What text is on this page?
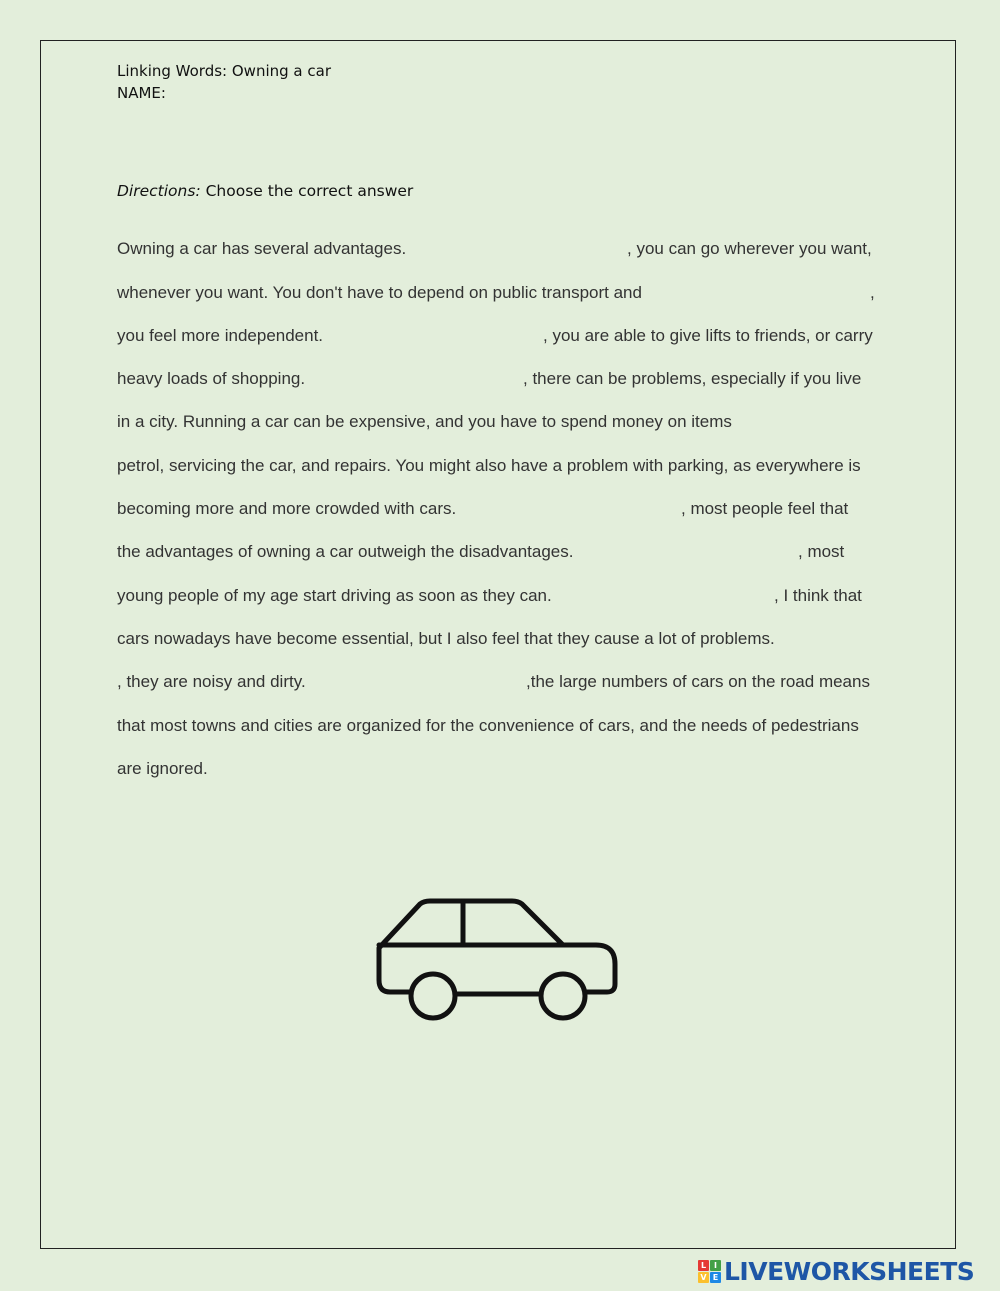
Linking Words: Owning a car
NAME:
Directions: Choose the correct answer
Owning a car has several advantages.	, you can go wherever you want,
whenever you want. You don't have to depend on public transport and	,
you feel more independent.	, you are able to give lifts to friends, or carry
heavy loads of shopping.	, there can be problems, especially if you live
in a city. Running a car can be expensive, and you have to spend money on items
petrol, servicing the car, and repairs. You might also have a problem with parking, as everywhere is
becoming more and more crowded with cars.	, most people feel that
the advantages of owning a car outweigh the disadvantages.	, most
young people of my age start driving as soon as they can.	, I think that
cars nowadays have become essential, but I also feel that they cause a lot of problems.
, they are noisy and dirty.	,the large numbers of cars on the road means
that most towns and cities are organized for the convenience of cars, and the needs of pedestrians
are ignored.
L I
V E LIVEWORKSHEETS
